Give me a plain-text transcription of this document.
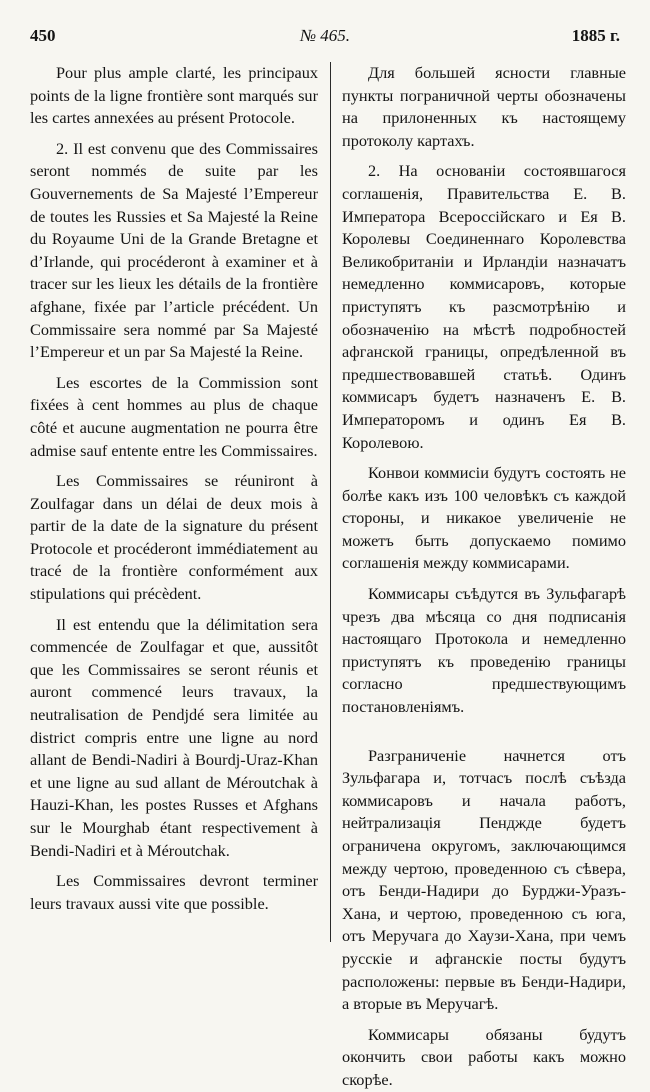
450	№ 465.	1885 г.

Pour plus ample clarté, les principaux points de la ligne frontière sont marqués sur les cartes annexées au présent Protocole.

2. Il est convenu que des Commissaires seront nommés de suite par les Gouvernements de Sa Majesté l’Empereur de toutes les Russies et Sa Majesté la Reine du Royaume Uni de la Grande Bretagne et d’Irlande, qui procéderont à examiner et à tracer sur les lieux les détails de la frontière afghane, fixée par l’article précédent. Un Commissaire sera nommé par Sa Majesté l’Empereur et un par Sa Majesté la Reine.

Les escortes de la Commission sont fixées à cent hommes au plus de chaque côté et aucune augmentation ne pourra être admise sauf entente entre les Commissaires.

Les Commissaires se réuniront à Zoulfagar dans un délai de deux mois à partir de la date de la signature du présent Protocole et procéderont immédiatement au tracé de la frontière conformément aux stipulations qui précèdent.

Il est entendu que la délimitation sera commencée de Zoulfagar et que, aussitôt que les Commissaires se seront réunis et auront commencé leurs travaux, la neutralisation de Pendjdé sera limitée au district compris entre une ligne au nord allant de Bendi-Nadiri à Bourdj-Uraz-Khan et une ligne au sud allant de Méroutchak à Hauzi-Khan, les postes Russes et Afghans sur le Mourghab étant respectivement à Bendi-Nadiri et à Méroutchak.

Les Commissaires devront terminer leurs travaux aussi vite que possible.

Для большей ясности главные пункты пограничной черты обозначены на прилоненных къ настоящему протоколу картахъ.

2. На основаніи состоявшагося соглашенія, Правительства Е. В. Императора Всероссійскаго и Ея В. Королевы Соединеннаго Королевства Великобританіи и Ирландіи назначатъ немедленно коммисаровъ, которые приступятъ къ разсмотрѣнію и обозначенію на мѣстѣ подробностей афганской границы, опредѣленной въ предшествовавшей статьѣ. Одинъ коммисаръ будетъ назначенъ Е. В. Императоромъ и одинъ Ея В. Королевою.

Конвои коммисіи будутъ состоять не болѣе какъ изъ 100 человѣкъ съ каждой стороны, и никакое увеличеніе не можетъ быть допускаемо помимо соглашенія между коммисарами.

Коммисары съѣдутся въ Зульфагарѣ чрезъ два мѣсяца со дня подписанія настоящаго Протокола и немедленно приступятъ къ проведенію границы согласно предшествующимъ постановленіямъ.

Разграниченіе начнется отъ Зульфагара и, тотчасъ послѣ съѣзда коммисаровъ и начала работъ, нейтрализація Пенджде будетъ ограничена округомъ, заключающимся между чертою, проведенною съ сѣвера, отъ Бенди-Надири до Бурджи-Уразъ-Хана, и чертою, проведенною съ юга, отъ Меручага до Хаузи-Хана, при чемъ русскіе и афганскіе посты будутъ расположены: первые въ Бенди-Надири, а вторые въ Меручагѣ.

Коммисары обязаны будутъ окончить свои работы какъ можно скорѣе.
